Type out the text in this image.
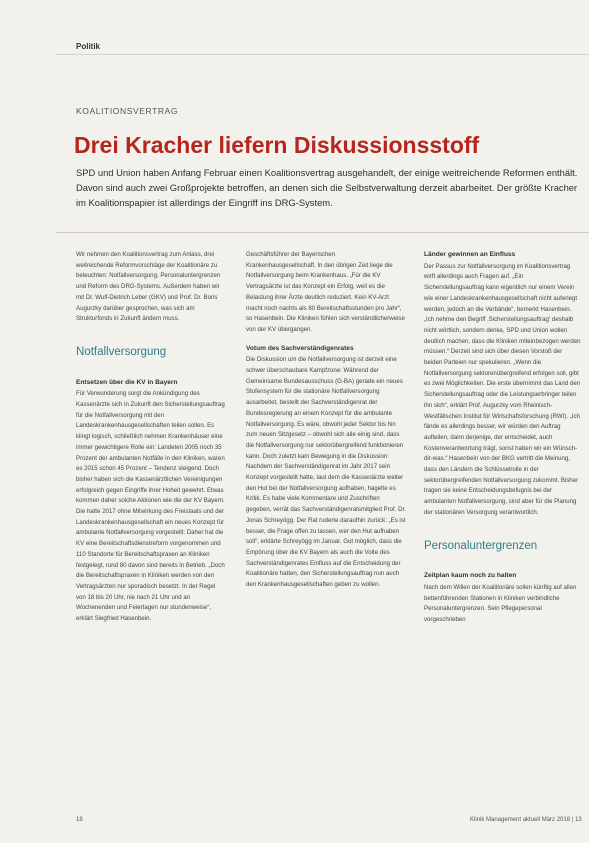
Politik
KOALITIONSVERTRAG
Drei Kracher liefern Diskussionsstoff

SPD und Union haben Anfang Februar einen Koalitionsvertrag ausgehandelt, der einige weitreichende Reformen enthält. Davon sind auch zwei Großprojekte betroffen, an denen sich die Selbstverwaltung derzeit abarbeitet. Der größte Kracher im Koalitionspapier ist allerdings der Eingriff ins DRG-System.

Wir nehmen den Koalitionsvertrag zum Anlass, drei weitreichende Reformvorschläge der Koalitionäre zu beleuchten: Notfallversorgung, Personaluntergrenzen und Reform des DRG-Systems. Außerdem haben wir mit Dr. Wulf-Dietrich Leber (GKV) und Prof. Dr. Boris Augurzky darüber gesprochen, was sich am Strukturfonds in Zukunft ändern muss.

Notfallversorgung
Entsetzen über die KV in Bayern

Für Verwunderung sorgt die Ankündigung des Kassenärzte sich in Zukunft den Sicherstellungsauftrag für die Notfallversorgung mit den Landeskrankenhausgesellschaften teilen sollen. Es klingt logisch, schließlich nehmen Krankenhäuser eine immer gewichtigere Rolle ein: Landeten 2005 noch 35 Prozent der ambulanten Notfälle in den Kliniken, waren es 2015 schon 45 Prozent – Tendenz steigend. Doch bisher haben sich die Kassenärztlichen Vereinigungen erfolgreich gegen Eingriffe ihrer Hoheit gewehrt. Etwas kommen daher solche Aktionen wie die der KV Bayern. Die hatte 2017 ohne Mitwirkung des Freistaats und der Landeskrankenhausgesellschaft ein neues Konzept für ambulante Notfallversorgung vorgestellt: Daher hat die KV eine Bereitschaftsdienstreform vorgenommen und 110 Standorte für Bereitschaftspraxen an Kliniken festgelegt, rund 80 davon sind bereits in Betrieb. „Doch die Bereitschaftspraxen in Kliniken werden von den Vertragsärzten nur sporadisch besetzt. In der Regel von 18 bis 20 Uhr, nie nach 21 Uhr und an Wochenenden und Feiertagen nur stundenweise“, erklärt Siegfried Hasenbein.

Geschäftsführer der Bayerischen Krankenhausgesellschaft. In den übrigen Zeit liege die Notfallversorgung beim Krankenhaus. „Für die KV Vertragsärzte ist das Konzept ein Erfolg, weil es die Belastung ihrer Ärzte deutlich reduziert. Kein KV-Arzt macht noch nachts als 80 Bereitschaftsstunden pro Jahr“, so Hasenbein. Die Kliniken fühlen sich verständlicherweise von der KV übergangen.

Votum des Sachverständigenrates

Die Diskussion um die Notfallversorgung ist derzeit eine schwer überschaubare Kampfzone: Während der Gemeinsame Bundesausschuss (G-BA) gerade ein neues Stufensystem für die stationäre Notfallversorgung ausarbeitet, bestellt der Sachverständigenrat der Bundesregierung an einem Konzept für die ambulante Notfallversorgung. Es wäre, obwohl jeder Sektor bis hin zum neuen Sitzgesetz – obwohl sich alle einig sind, dass die Notfallversorgung nur sektorübergreifend funktionieren kann. Doch zuletzt kam Bewegung in die Diskussion: Nachdem der Sachverständigenrat im Jahr 2017 sein Konzept vorgestellt hatte, laut dem die Kassenärzte weiter den Hut bei der Notfallversorgung aufhaben, hagelte es Kritik. Es habe viele Kommentare und Zuschriften gegeben, verrät das Sachverständigenratsmitglied Prof. Dr. Jonas Schreyögg. Der Rat ruderte daraufhin zurück: „Es ist besser, die Frage offen zu lassen, wer den Hut aufhaben soll“, erklärte Schreyögg im Januar. Gut möglich, dass die Empörung über die KV Bayern als auch die Volte des Sachverständigenrates Einfluss auf die Entscheidung der Koalitionäre hatten, den Sicherstellungsauftrag nun auch den Krankenhausgesellschaften geben zu wollen.

Länder gewinnen an Einfluss

Der Passus zur Notfallversorgung im Koalitionsvertrag wirft allerdings auch Fragen auf. „Ein Sicherstellungsauftrag kann eigentlich nur einem Verein wie einer Landeskrankenhausgesellschaft nicht auferlegt werden, jedoch an die Verbände“, bemerkt Hasenbein. „Ich nehme den Begriff ‚Sicherstellungsauftrag‘ deshalb nicht wörtlich, sondern denke, SPD und Union wollen deutlich machen, dass die Kliniken miteinbezogen werden müssen.“ Derzeit sind sich über diesen Vorstoß der beiden Parteien nur spekulieren. „Wenn die Notfallversorgung sektorenübergreifend erfolgen soll, gibt es zwei Möglichkeiten. Die erste übernimmt das Land den Sicherstellungsauftrag oder die Leistungserbringer teilen ihn sich“, erklärt Prof. Augurzky vom Rheinisch-Westfälischen Institut für Wirtschaftsforschung (RWI). „Ich fände es allerdings besser, wir würden den Auftrag aufteilen, dann derjenige, der entscheidet, auch Kostenverantwortung trägt, sonst haben wir ein Wünsch-dir-was.“ Hasenbein von der BKG vertritt die Meinung, dass den Ländern die Schlüsselrolle in der sektorübergreifenden Notfallversorgung zukommt. Bisher tragen sie keine Entscheidungsbefugnis bei der ambulanten Notfallversorgung, sind aber für die Planung der stationären Versorgung verantwortlich.

Personaluntergrenzen
Zeitplan kaum noch zu halten

Nach dem Willen der Koalitionäre sollen künftig auf allen bettenführenden Stationen in Kliniken verbindliche Personaluntergrenzen. Sein Pflegepersonal vorgeschrieben

18	Klinik Management aktuell März 2018 | 13
